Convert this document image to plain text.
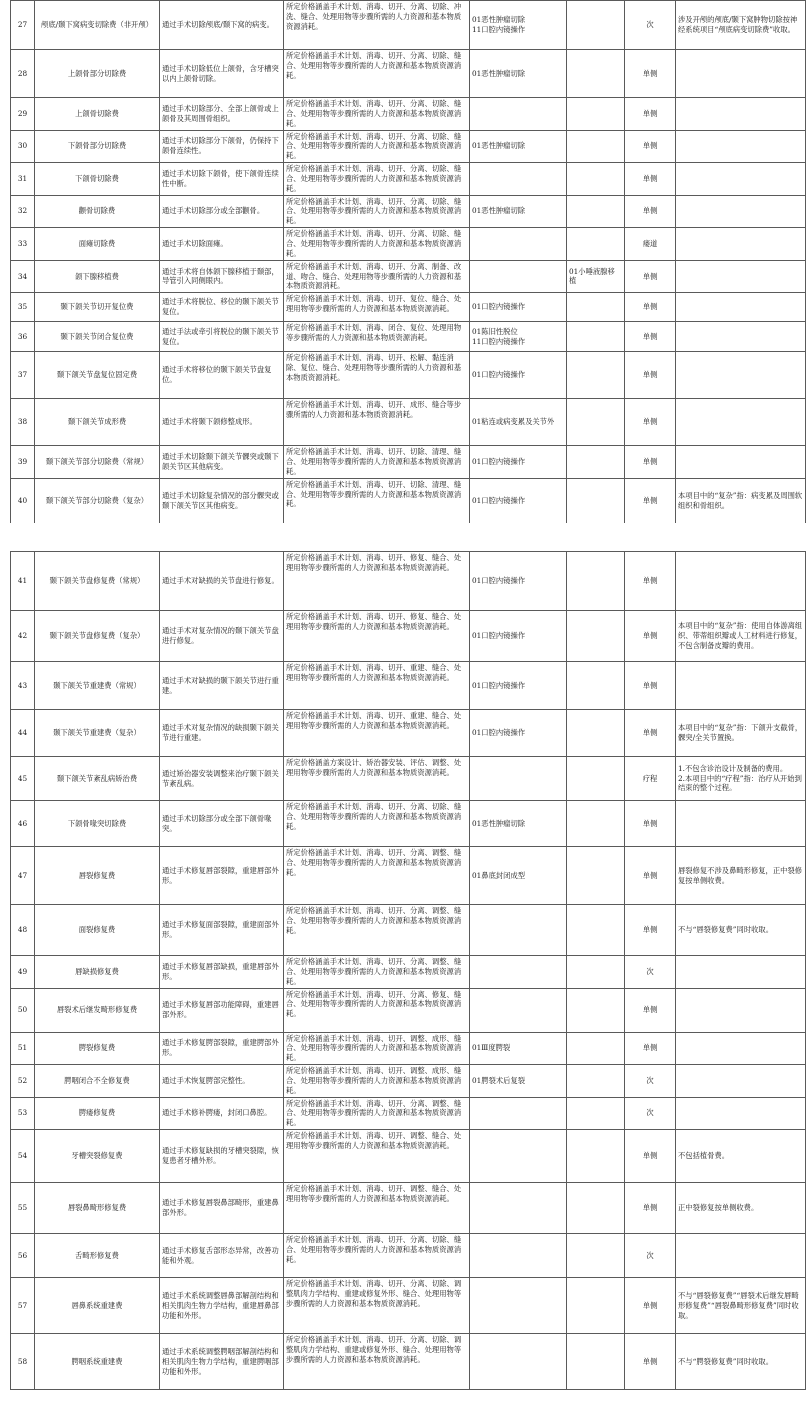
27	颅底/颞下窝病变切除费（非开颅）	通过手术切除颅底/颞下窝的病变。	所定价格涵盖手术计划、消毒、切开、分离、切除、冲洗、缝合、处理用物等步骤所需的人力资源和基本物质资源消耗。	01恶性肿瘤切除
11口腔内镜操作		次	涉及开颅的颅底/颞下窝肿物切除按神经系统项目“颅底病变切除费”收取。
28	上颌骨部分切除费	通过手术切除低位上颌骨，含牙槽突以内上颌骨切除。	所定价格涵盖手术计划、消毒、切开、分离、切除、缝合、处理用物等步骤所需的人力资源和基本物质资源消耗。	01恶性肿瘤切除		单侧	
29	上颌骨切除费	通过手术切除部分、全部上颌骨或上颌骨及其周围骨组织。	所定价格涵盖手术计划、消毒、切开、分离、切除、缝合、处理用物等步骤所需的人力资源和基本物质资源消耗。			单侧	
30	下颌骨部分切除费	通过手术切除部分下颌骨，仍保持下颌骨连续性。	所定价格涵盖手术计划、消毒、切开、分离、切除、缝合、处理用物等步骤所需的人力资源和基本物质资源消耗。	01恶性肿瘤切除		单侧	
31	下颌骨切除费	通过手术切除下颌骨，使下颌骨连续性中断。	所定价格涵盖手术计划、消毒、切开、分离、切除、缝合、处理用物等步骤所需的人力资源和基本物质资源消耗。			单侧	
32	颧骨切除费	通过手术切除部分或全部颧骨。	所定价格涵盖手术计划、消毒、切开、分离、切除、缝合、处理用物等步骤所需的人力资源和基本物质资源消耗。	01恶性肿瘤切除		单侧	
33	面瘫切除费	通过手术切除面瘫。	所定价格涵盖手术计划、消毒、切开、分离、切除、缝合、处理用物等步骤所需的人力资源和基本物质资源消耗。			瘘道	
34	颌下腺移植费	通过手术将自体颌下腺移植于颞部，导管引入同侧眼内。	所定价格涵盖手术计划、消毒、切开、分离、制备、改道、吻合、缝合、处理用物等步骤所需的人力资源和基本物质资源消耗。		01小唾液腺移植	单侧	
35	颞下颌关节切开复位费	通过手术将脱位、移位的颞下颌关节复位。	所定价格涵盖手术计划、消毒、切开、复位、缝合、处理用物等步骤所需的人力资源和基本物质资源消耗。	01口腔内镜操作		单侧	
36	颞下颌关节闭合复位费	通过手法或牵引将脱位的颞下颌关节复位。	所定价格涵盖手术计划、消毒、闭合、复位、处理用物等步骤所需的人力资源和基本物质资源消耗。	01陈旧性脱位
11口腔内镜操作		单侧	
37	颞下颌关节盘复位固定费	通过手术将移位的颞下颌关节盘复位。	所定价格涵盖手术计划、消毒、切开、松解、黏连消除、复位、缝合、处理用物等步骤所需的人力资源和基本物质资源消耗。	01口腔内镜操作		单侧	
38	颞下颌关节成形费	通过手术将颞下颌修整成形。	所定价格涵盖手术计划、消毒、切开、成形、缝合等步骤所需的人力资源和基本物质资源消耗。	01粘连或病变累及关节外		单侧	
39	颞下颌关节部分切除费（常规）	通过手术切除颞下颌关节髁突或颞下颌关节区其他病变。	所定价格涵盖手术计划、消毒、切开、切除、清理、缝合、处理用物等步骤所需的人力资源和基本物质资源消耗。	01口腔内镜操作		单侧	
40	颞下颌关节部分切除费（复杂）	通过手术切除复杂情况的部分髁突或颞下颌关节区其他病变。	所定价格涵盖手术计划、消毒、切开、切除、清理、缝合、处理用物等步骤所需的人力资源和基本物质资源消耗。	01口腔内镜操作		单侧	本项目中的“复杂”指：病变累及周围软组织和骨组织。
41	颞下颌关节盘修复费（常规）	通过手术对缺损的关节盘进行修复。	所定价格涵盖手术计划、消毒、切开、修复、缝合、处理用物等步骤所需的人力资源和基本物质资源消耗。	01口腔内镜操作		单侧	
42	颞下颌关节盘修复费（复杂）	通过手术对复杂情况的颞下颌关节盘进行修复。	所定价格涵盖手术计划、消毒、切开、修复、缝合、处理用物等步骤所需的人力资源和基本物质资源消耗。	01口腔内镜操作		单侧	本项目中的“复杂”指：使用自体游离组织、带蒂组织瓣或人工材料进行修复，不包含制备皮瓣的费用。
43	颞下颌关节重建费（常规）	通过手术对缺损的颞下颌关节进行重建。	所定价格涵盖手术计划、消毒、切开、重建、缝合、处理用物等步骤所需的人力资源和基本物质资源消耗。	01口腔内镜操作		单侧	
44	颞下颌关节重建费（复杂）	通过手术对复杂情况的缺损颞下颌关节进行重建。	所定价格涵盖手术计划、消毒、切开、重建、缝合、处理用物等步骤所需的人力资源和基本物质资源消耗。	01口腔内镜操作		单侧	本项目中的“复杂”指：下颌升支截骨，髁突/全关节置换。
45	颞下颌关节紊乱病矫治费	通过矫治器安装调整来治疗颞下颌关节紊乱病。	所定价格涵盖方案设计、矫治器安装、评估、调整、处理用物等步骤所需的人力资源和基本物质资源消耗。			疗程	1.不包含诊治设计及制备的费用。
2.本项目中的“疗程”指：治疗从开始到结束的整个过程。
46	下颌骨喙突切除费	通过手术切除部分或全部下颌骨喙突。	所定价格涵盖手术计划、消毒、切开、分离、切除、缝合、处理用物等步骤所需的人力资源和基本物质资源消耗。	01恶性肿瘤切除		单侧	
47	唇裂修复费	通过手术修复唇部裂隙，重建唇部外形。	所定价格涵盖手术计划、消毒、切开、分离、调整、缝合、处理用物等步骤所需的人力资源和基本物质资源消耗。	01鼻底封闭成型		单侧	唇裂修复不涉及鼻畸形修复，正中裂修复按单侧收费。
48	面裂修复费	通过手术修复面部裂隙，重建面部外形。	所定价格涵盖手术计划、消毒、切开、分离、调整、缝合、处理用物等步骤所需的人力资源和基本物质资源消耗。			单侧	不与“唇裂修复费”同时收取。
49	唇缺损修复费	通过手术修复唇部缺损，重建唇部外形。	所定价格涵盖手术计划、消毒、切开、分离、调整、缝合、处理用物等步骤所需的人力资源和基本物质资源消耗。			次	
50	唇裂术后继发畸形修复费	通过手术修复唇部功能障碍，重建唇部外形。	所定价格涵盖手术计划、消毒、切开、分离、修复、缝合、处理用物等步骤所需的人力资源和基本物质资源消耗。			单侧	
51	腭裂修复费	通过手术修复腭部裂隙，重建腭部外形。	所定价格涵盖手术计划、消毒、切开、调整、成形、缝合、处理用物等步骤所需的人力资源和基本物质资源消耗。	01Ⅲ度腭裂		单侧	
52	腭咽闭合不全修复费	通过手术恢复腭部完整性。	所定价格涵盖手术计划、消毒、切开、调整、成形、缝合、处理用物等步骤所需的人力资源和基本物质资源消耗。	01腭裂术后复裂		次	
53	腭瘘修复费	通过手术修补腭瘘，封闭口鼻腔。	所定价格涵盖手术计划、消毒、切开、分离、调整、缝合、处理用物等步骤所需的人力资源和基本物质资源消耗。			次	
54	牙槽突裂修复费	通过手术修复缺损的牙槽突裂隙，恢复患者牙槽外形。	所定价格涵盖手术计划、消毒、切开、调整、缝合、处理用物等步骤所需的人力资源和基本物质资源消耗。			单侧	不包括植骨费。
55	唇裂鼻畸形修复费	通过手术修复唇裂鼻部畸形，重建鼻部外形。	所定价格涵盖手术计划、消毒、切开、调整、缝合、处理用物等步骤所需的人力资源和基本物质资源消耗。			单侧	正中裂修复按单侧收费。
56	舌畸形修复费	通过手术修复舌部形态异常，改善功能和外观。	所定价格涵盖手术计划、消毒、切开、分离、切除、缝合、处理用物等步骤所需的人力资源和基本物质资源消耗。			次	
57	唇鼻系统重建费	通过手术系统调整唇鼻部解剖结构和相关肌肉生物力学结构，重建唇鼻部功能和外形。	所定价格涵盖手术计划、消毒、切开、分离、切除、调整肌肉力学结构、重建或修复外形、缝合、处理用物等步骤所需的人力资源和基本物质资源消耗。			单侧	不与“唇裂修复费”“唇裂术后继发唇畸形修复费”“唇裂鼻畸形修复费”同时收取。
58	腭咽系统重建费	通过手术系统调整腭咽部解剖结构和相关肌肉生物力学结构，重建腭咽部功能和外形。	所定价格涵盖手术计划、消毒、切开、分离、切除、调整肌肉力学结构、重建或修复外形、缝合、处理用物等步骤所需的人力资源和基本物质资源消耗。			单侧	不与“腭裂修复费”同时收取。
